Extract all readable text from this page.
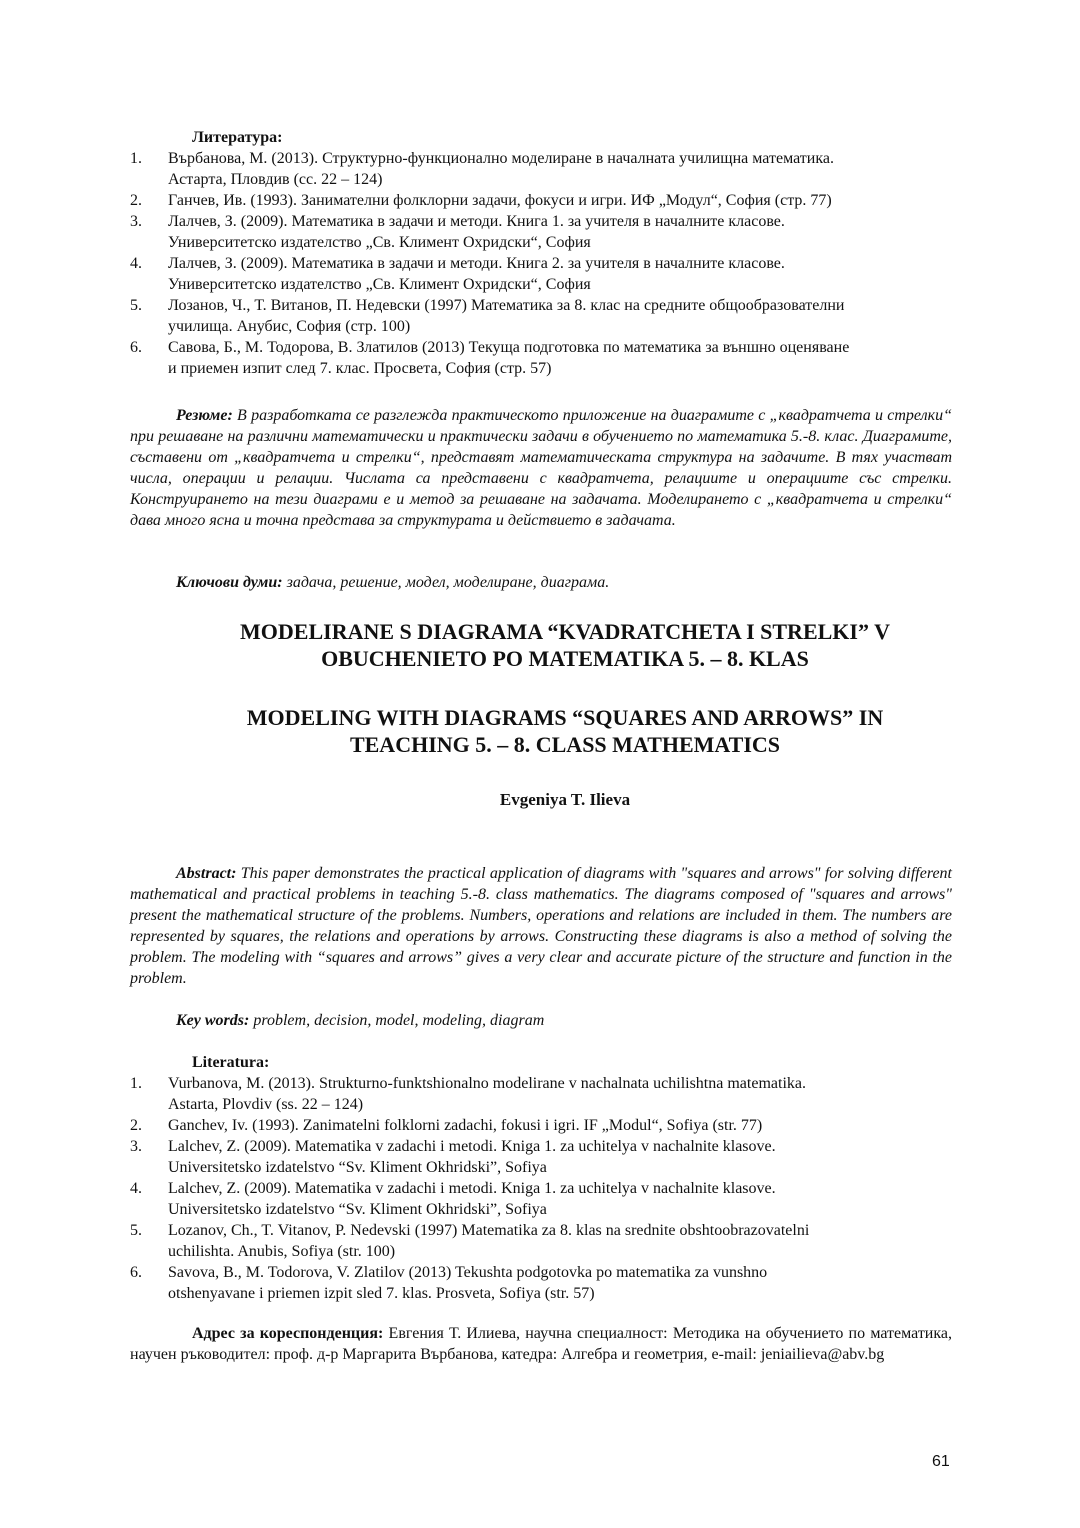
Литература:
1. Върбанова, М. (2013). Структурно-функционално моделиране в началната училищна математика.
Астарта, Пловдив (сс. 22 – 124)
2. Ганчев, Ив. (1993). Занимателни фолклорни задачи, фокуси и игри. ИФ „Модул“, София (стр. 77)
3. Лалчев, З. (2009). Математика в задачи и методи. Книга 1. за учителя в началните класове.
Университетско издателство „Св. Климент Охридски“, София
4. Лалчев, З. (2009). Математика в задачи и методи. Книга 2. за учителя в началните класове.
Университетско издателство „Св. Климент Охридски“, София
5. Лозанов, Ч., Т. Витанов, П. Недевски (1997) Математика за 8. клас на средните общообразователни
училища. Анубис, София (стр. 100)
6. Савова, Б., М. Тодорова, В. Златилов (2013) Текуща подготовка по математика за външно оценяване
и приемен изпит след 7. клас. Просвета, София (стр. 57)
Резюме: В разработката се разглежда практическото приложение на диаграмите с „квадратчета и стрелки“ при решаване на различни математически и практически задачи в обучението по математика 5.-8. клас. Диаграмите, съставени от „квадратчета и стрелки“, представят математическата структура на задачите. В тях участват числа, операции и релации. Числата са представени с квадратчета, релациите и операциите със стрелки. Конструирането на тези диаграми е и метод за решаване на задачата. Моделирането с „квадратчета и стрелки“ дава много ясна и точна представа за структурата и действието в задачата.
Ключови думи: задача, решение, модел, моделиране, диаграма.
MODELIRANE S DIAGRAMA “KVADRATCHETA I STRELKI” V
OBUCHENIETO PO MATEMATIKA 5. – 8. KLAS
MODELING WITH DIAGRAMS “SQUARES AND ARROWS” IN
TEACHING 5. – 8. CLASS MATHEMATICS
Evgeniya T. Ilieva
Abstract: This paper demonstrates the practical application of diagrams with "squares and arrows" for solving different mathematical and practical problems in teaching 5.-8. class mathematics. The diagrams composed of "squares and arrows" present the mathematical structure of the problems. Numbers, operations and relations are included in them. The numbers are represented by squares, the relations and operations by arrows. Constructing these diagrams is also a method of solving the problem. The modeling with “squares and arrows” gives a very clear and accurate picture of the structure and function in the problem.
Key words: problem, decision, model, modeling, diagram
Literatura:
1. Vurbanova, M. (2013). Strukturno-funktshionalno modelirane v nachalnata uchilishtna matematika.
Astarta, Plovdiv (ss. 22 – 124)
2. Ganchev, Iv. (1993). Zanimatelni folklorni zadachi, fokusi i igri. IF „Modul“, Sofiya (str. 77)
3. Lalchev, Z. (2009). Matematika v zadachi i metodi. Kniga 1. za uchitelya v nachalnite klasove.
Universitetsko izdatelstvo “Sv. Kliment Okhridski”, Sofiya
4. Lalchev, Z. (2009). Matematika v zadachi i metodi. Kniga 1. za uchitelya v nachalnite klasove.
Universitetsko izdatelstvo “Sv. Kliment Okhridski”, Sofiya
5. Lozanov, Ch., T. Vitanov, P. Nedevski (1997) Matematika za 8. klas na srednite obshtoobrazovatelni
uchilishta. Anubis, Sofiya (str. 100)
6. Savova, B., M. Todorova, V. Zlatilov (2013) Tekushta podgotovka po matematika za vunshno
otshenyavane i priemen izpit sled 7. klas. Prosveta, Sofiya (str. 57)
Адрес за кореспонденция: Евгения Т. Илиева, научна специалност: Методика на обучението по математика, научен ръководител: проф. д-р Маргарита Върбанова, катедра: Алгебра и геометрия, e-mail: jeniailieva@abv.bg
61
